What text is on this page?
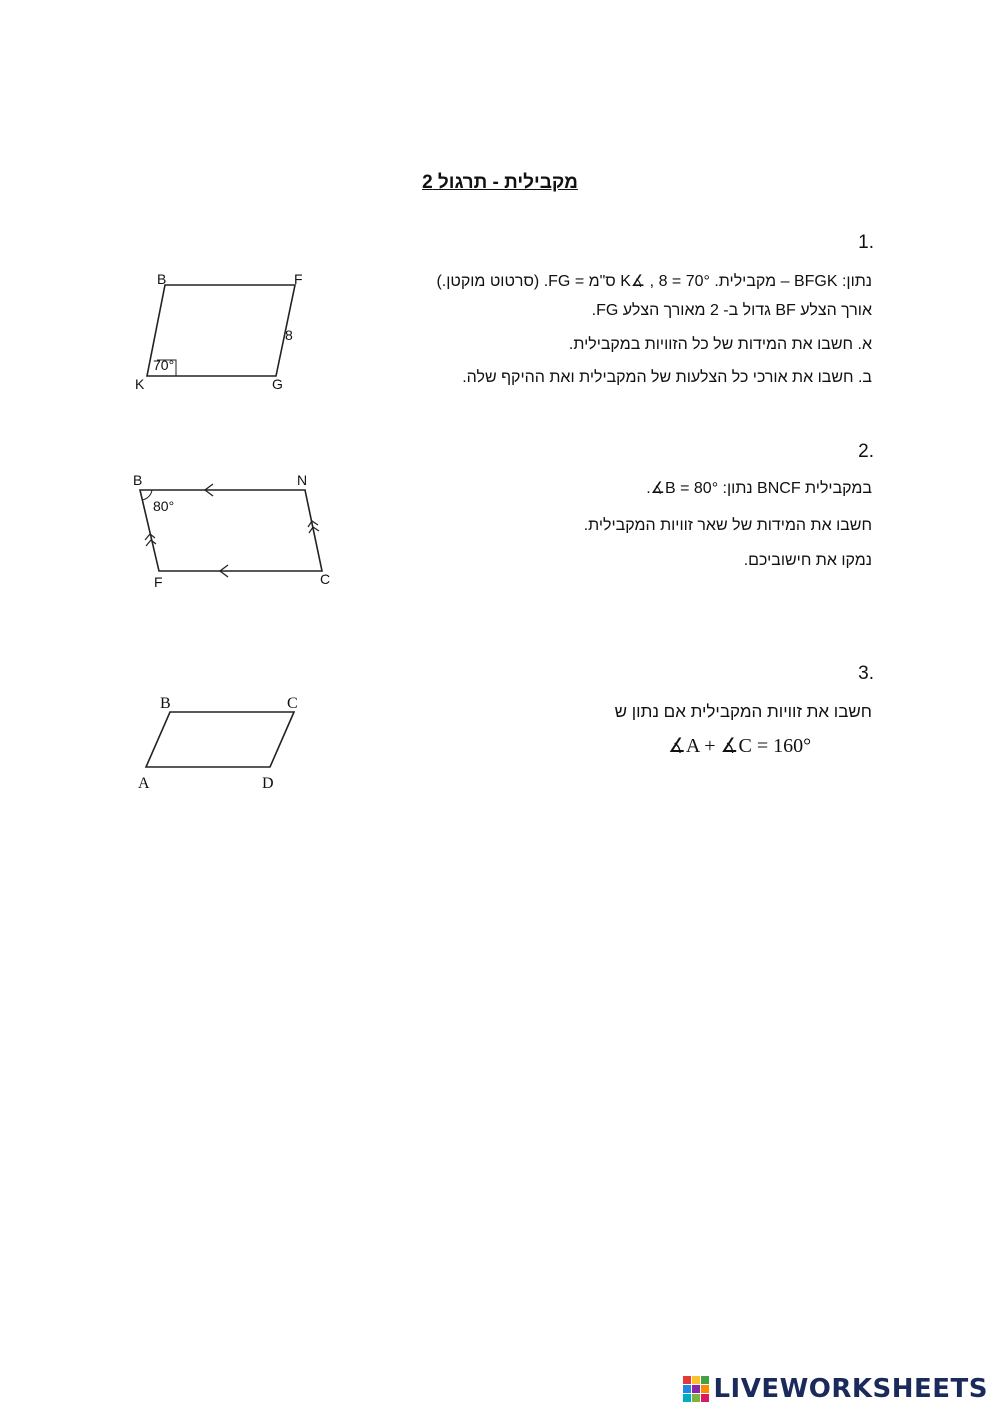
מקבילית - תרגול 2
1.
נתון: BFGK – מקבילית. 70° = K∡ , 8 ס"מ = FG. (סרטוט מוקטן.)
אורך הצלע BF גדול ב- 2 מאורך הצלע FG.
א. חשבו את המידות של כל הזוויות במקבילית.
ב. חשבו את אורכי כל הצלעות של המקבילית ואת ההיקף שלה.
2.
במקבילית BNCF נתון: 80° = B∡.
חשבו את המידות של שאר זוויות המקבילית.
נמקו את חישוביכם.
3.
חשבו את זוויות המקבילית אם נתון ש
∡A + ∡C = 160°
B	F
K	G
8
70°
B	N
F	C
80°
B	C
A	D
LIVEWORKSHEETS
